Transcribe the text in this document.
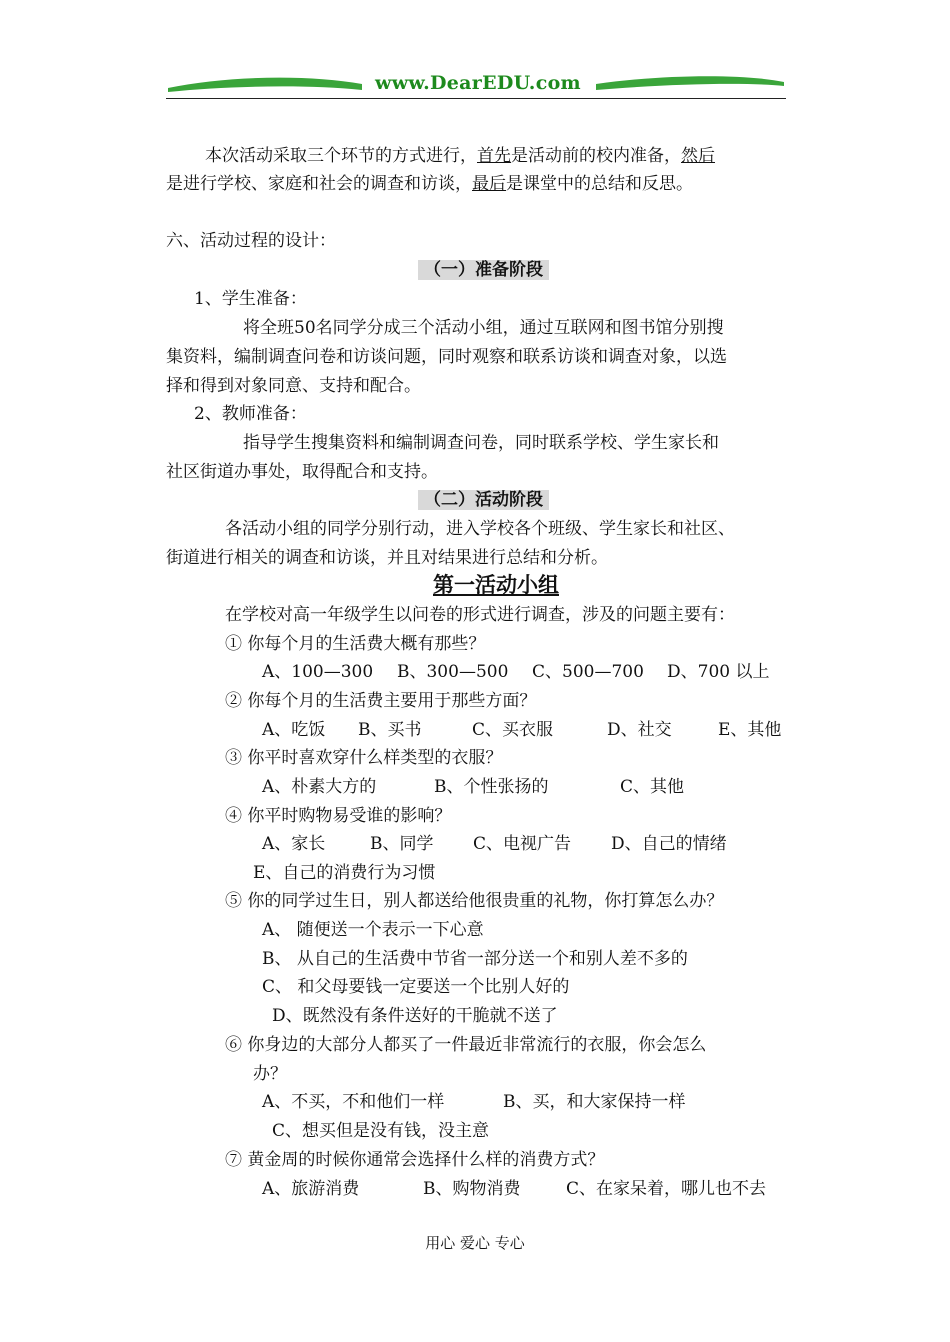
www.DearEDU.com
本次活动采取三个环节的方式进行，首先是活动前的校内准备，然后
是进行学校、家庭和社会的调查和访谈，最后是课堂中的总结和反思。
六、活动过程的设计：
（一）准备阶段
1、学生准备：
将全班50名同学分成三个活动小组，通过互联网和图书馆分别搜
集资料，编制调查问卷和访谈问题，同时观察和联系访谈和调查对象，以选
择和得到对象同意、支持和配合。
2、教师准备：
指导学生搜集资料和编制调查问卷，同时联系学校、学生家长和
社区街道办事处，取得配合和支持。
（二）活动阶段
各活动小组的同学分别行动，进入学校各个班级、学生家长和社区、
街道进行相关的调查和访谈，并且对结果进行总结和分析。
第一活动小组
在学校对高一年级学生以问卷的形式进行调查，涉及的问题主要有：
① 你每个月的生活费大概有那些？
A、100—300 B、300—500 C、500—700 D、700 以上
② 你每个月的生活费主要用于那些方面？
A、吃饭 B、买书	C、买衣服	D、社交	E、其他
③ 你平时喜欢穿什么样类型的衣服？
A、朴素大方的	B、个性张扬的	C、其他
④ 你平时购物易受谁的影响？
A、家长	B、同学 C、电视广告 D、自己的情绪
E、自己的消费行为习惯
⑤ 你的同学过生日，别人都送给他很贵重的礼物，你打算怎么办？
A、 随便送一个表示一下心意
B、 从自己的生活费中节省一部分送一个和别人差不多的
C、 和父母要钱一定要送一个比别人好的
D、既然没有条件送好的干脆就不送了
⑥ 你身边的大部分人都买了一件最近非常流行的衣服，你会怎么
办？
A、不买，不和他们一样	B、买，和大家保持一样
C、想买但是没有钱，没主意
⑦ 黄金周的时候你通常会选择什么样的消费方式？
A、旅游消费	B、购物消费	C、在家呆着，哪儿也不去
用心 爱心 专心
